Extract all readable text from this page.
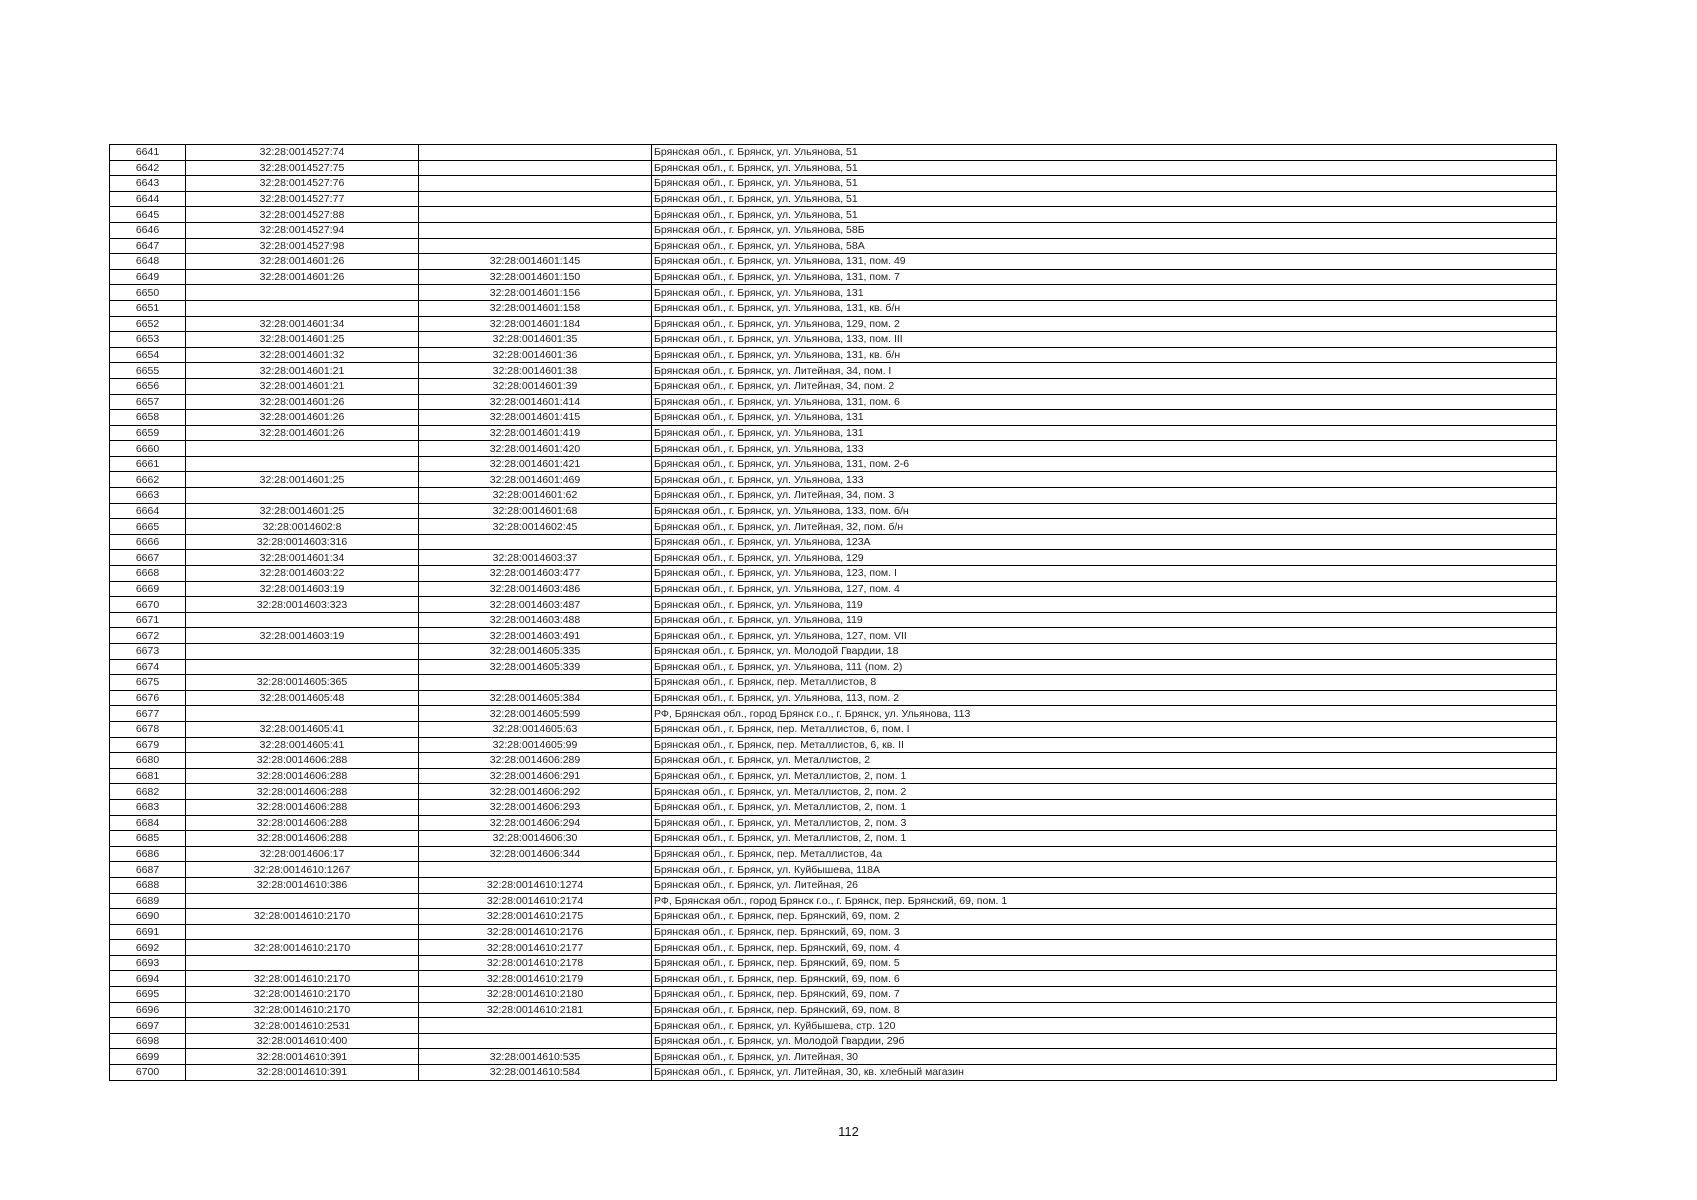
6641	32:28:0014527:74		Брянская обл., г. Брянск, ул. Ульянова, 51
6642	32:28:0014527:75		Брянская обл., г. Брянск, ул. Ульянова, 51
6643	32:28:0014527:76		Брянская обл., г. Брянск, ул. Ульянова, 51
6644	32:28:0014527:77		Брянская обл., г. Брянск, ул. Ульянова, 51
6645	32:28:0014527:88		Брянская обл., г. Брянск, ул. Ульянова, 51
6646	32:28:0014527:94		Брянская обл., г. Брянск, ул. Ульянова, 58Б
6647	32:28:0014527:98		Брянская обл., г. Брянск, ул. Ульянова, 58А
6648	32:28:0014601:26	32:28:0014601:145	Брянская обл., г. Брянск, ул. Ульянова, 131, пом. 49
6649	32:28:0014601:26	32:28:0014601:150	Брянская обл., г. Брянск, ул. Ульянова, 131, пом. 7
6650		32:28:0014601:156	Брянская обл., г. Брянск, ул. Ульянова, 131
6651		32:28:0014601:158	Брянская обл., г. Брянск, ул. Ульянова, 131, кв. б/н
6652	32:28:0014601:34	32:28:0014601:184	Брянская обл., г. Брянск, ул. Ульянова, 129, пом. 2
6653	32:28:0014601:25	32:28:0014601:35	Брянская обл., г. Брянск, ул. Ульянова, 133, пом. III
6654	32:28:0014601:32	32:28:0014601:36	Брянская обл., г. Брянск, ул. Ульянова, 131, кв. б/н
6655	32:28:0014601:21	32:28:0014601:38	Брянская обл., г. Брянск, ул. Литейная, 34, пом. I
6656	32:28:0014601:21	32:28:0014601:39	Брянская обл., г. Брянск, ул. Литейная, 34, пом. 2
6657	32:28:0014601:26	32:28:0014601:414	Брянская обл., г. Брянск, ул. Ульянова, 131, пом. 6
6658	32:28:0014601:26	32:28:0014601:415	Брянская обл., г. Брянск, ул. Ульянова, 131
6659	32:28:0014601:26	32:28:0014601:419	Брянская обл., г. Брянск, ул. Ульянова, 131
6660		32:28:0014601:420	Брянская обл., г. Брянск, ул. Ульянова, 133
6661		32:28:0014601:421	Брянская обл., г. Брянск, ул. Ульянова, 131, пом. 2-6
6662	32:28:0014601:25	32:28:0014601:469	Брянская обл., г. Брянск, ул. Ульянова, 133
6663		32:28:0014601:62	Брянская обл., г. Брянск, ул. Литейная, 34, пом. 3
6664	32:28:0014601:25	32:28:0014601:68	Брянская обл., г. Брянск, ул. Ульянова, 133, пом. б/н
6665	32:28:0014602:8	32:28:0014602:45	Брянская обл., г. Брянск, ул. Литейная, 32, пом. б/н
6666	32:28:0014603:316		Брянская обл., г. Брянск, ул. Ульянова, 123А
6667	32:28:0014601:34	32:28:0014603:37	Брянская обл., г. Брянск, ул. Ульянова, 129
6668	32:28:0014603:22	32:28:0014603:477	Брянская обл., г. Брянск, ул. Ульянова, 123, пом. I
6669	32:28:0014603:19	32:28:0014603:486	Брянская обл., г. Брянск, ул. Ульянова, 127, пом. 4
6670	32:28:0014603:323	32:28:0014603:487	Брянская обл., г. Брянск, ул. Ульянова, 119
6671		32:28:0014603:488	Брянская обл., г. Брянск, ул. Ульянова, 119
6672	32:28:0014603:19	32:28:0014603:491	Брянская обл., г. Брянск, ул. Ульянова, 127, пом. VII
6673		32:28:0014605:335	Брянская обл., г. Брянск, ул. Молодой Гвардии, 18
6674		32:28:0014605:339	Брянская обл., г. Брянск, ул. Ульянова, 111 (пом. 2)
6675	32:28:0014605:365		Брянская обл., г. Брянск, пер. Металлистов, 8
6676	32:28:0014605:48	32:28:0014605:384	Брянская обл., г. Брянск, ул. Ульянова, 113, пом. 2
6677		32:28:0014605:599	РФ, Брянская обл., город Брянск г.о., г. Брянск, ул. Ульянова, 113
6678	32:28:0014605:41	32:28:0014605:63	Брянская обл., г. Брянск, пер. Металлистов, 6, пом. I
6679	32:28:0014605:41	32:28:0014605:99	Брянская обл., г. Брянск, пер. Металлистов, 6, кв. II
6680	32:28:0014606:288	32:28:0014606:289	Брянская обл., г. Брянск, ул. Металлистов, 2
6681	32:28:0014606:288	32:28:0014606:291	Брянская обл., г. Брянск, ул. Металлистов, 2, пом. 1
6682	32:28:0014606:288	32:28:0014606:292	Брянская обл., г. Брянск, ул. Металлистов, 2, пом. 2
6683	32:28:0014606:288	32:28:0014606:293	Брянская обл., г. Брянск, ул. Металлистов, 2, пом. 1
6684	32:28:0014606:288	32:28:0014606:294	Брянская обл., г. Брянск, ул. Металлистов, 2, пом. 3
6685	32:28:0014606:288	32:28:0014606:30	Брянская обл., г. Брянск, ул. Металлистов, 2, пом. 1
6686	32:28:0014606:17	32:28:0014606:344	Брянская обл., г. Брянск, пер. Металлистов, 4а
6687	32:28:0014610:1267		Брянская обл., г. Брянск, ул. Куйбышева, 118А
6688	32:28:0014610:386	32:28:0014610:1274	Брянская обл., г. Брянск, ул. Литейная, 26
6689		32:28:0014610:2174	РФ, Брянская обл., город Брянск г.о., г. Брянск, пер. Брянский, 69, пом. 1
6690	32:28:0014610:2170	32:28:0014610:2175	Брянская обл., г. Брянск, пер. Брянский, 69, пом. 2
6691		32:28:0014610:2176	Брянская обл., г. Брянск, пер. Брянский, 69, пом. 3
6692	32:28:0014610:2170	32:28:0014610:2177	Брянская обл., г. Брянск, пер. Брянский, 69, пом. 4
6693		32:28:0014610:2178	Брянская обл., г. Брянск, пер. Брянский, 69, пом. 5
6694	32:28:0014610:2170	32:28:0014610:2179	Брянская обл., г. Брянск, пер. Брянский, 69, пом. 6
6695	32:28:0014610:2170	32:28:0014610:2180	Брянская обл., г. Брянск, пер. Брянский, 69, пом. 7
6696	32:28:0014610:2170	32:28:0014610:2181	Брянская обл., г. Брянск, пер. Брянский, 69, пом. 8
6697	32:28:0014610:2531		Брянская обл., г. Брянск, ул. Куйбышева, стр. 120
6698	32:28:0014610:400		Брянская обл., г. Брянск, ул. Молодой Гвардии, 29б
6699	32:28:0014610:391	32:28:0014610:535	Брянская обл., г. Брянск, ул. Литейная, 30
6700	32:28:0014610:391	32:28:0014610:584	Брянская обл., г. Брянск, ул. Литейная, 30, кв. хлебный магазин
112
